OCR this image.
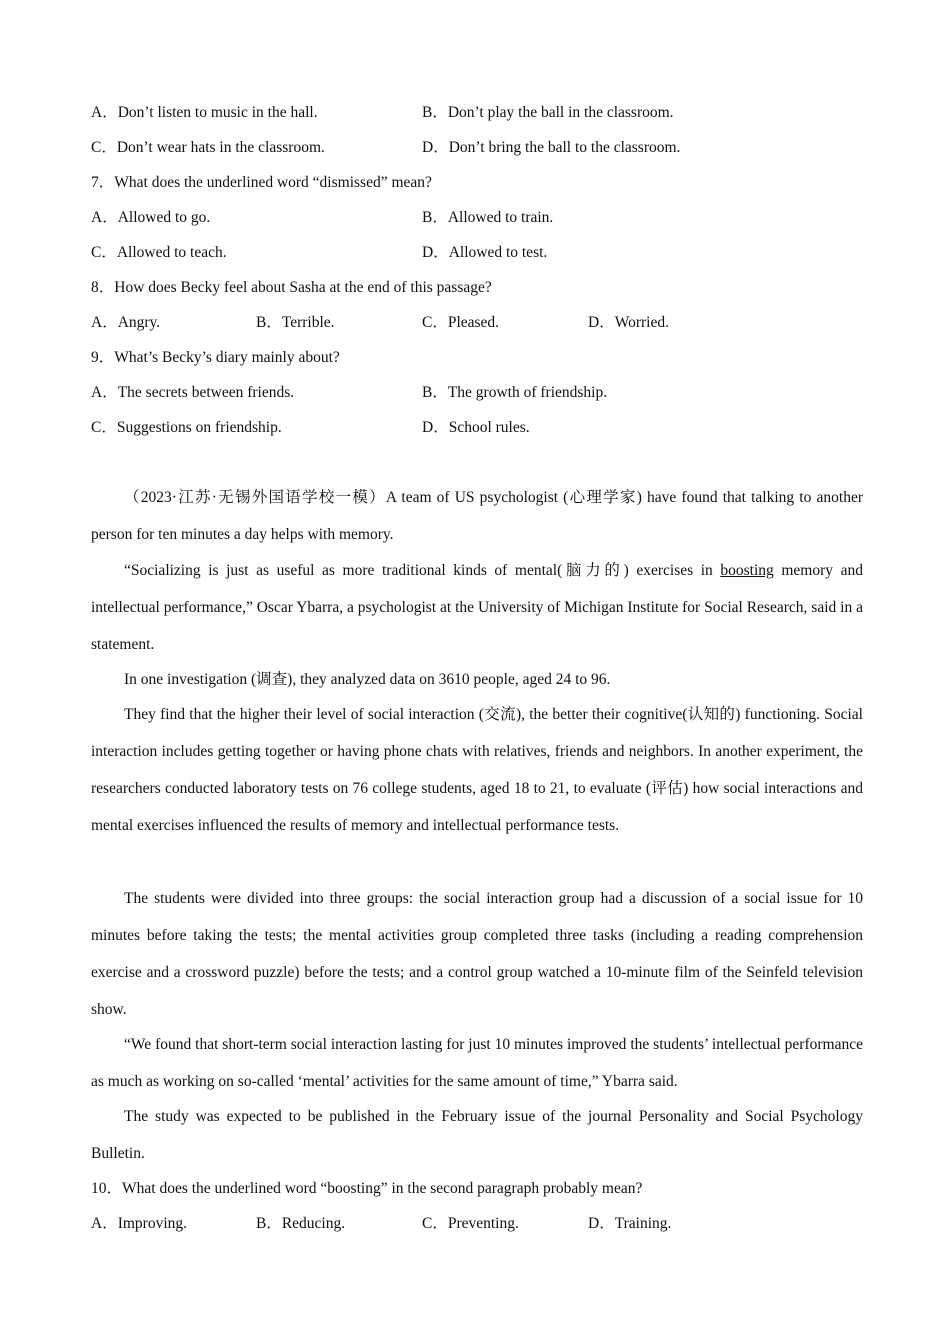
A．Don’t listen to music in the hall.	B．Don’t play the ball in the classroom.
C．Don’t wear hats in the classroom.	D．Don’t bring the ball to the classroom.
7．What does the underlined word “dismissed” mean?
A．Allowed to go.	B．Allowed to train.
C．Allowed to teach.	D．Allowed to test.
8．How does Becky feel about Sasha at the end of this passage?
A．Angry.	B．Terrible.	C．Pleased.	D．Worried.
9．What’s Becky’s diary mainly about?
A．The secrets between friends.	B．The growth of friendship.
C．Suggestions on friendship.	D．School rules.
（2023·江苏·无锡外国语学校一模）A team of US psychologist (心理学家) have found that talking to another person for ten minutes a day helps with memory.
“Socializing is just as useful as more traditional kinds of mental(脑力的) exercises in boosting memory and intellectual performance,” Oscar Ybarra, a psychologist at the University of Michigan Institute for Social Research, said in a statement.
In one investigation (调查), they analyzed data on 3610 people, aged 24 to 96.
They find that the higher their level of social interaction (交流), the better their cognitive(认知的) functioning. Social interaction includes getting together or having phone chats with relatives, friends and neighbors. In another experiment, the researchers conducted laboratory tests on 76 college students, aged 18 to 21, to evaluate (评估) how social interactions and mental exercises influenced the results of memory and intellectual performance tests.
The students were divided into three groups: the social interaction group had a discussion of a social issue for 10 minutes before taking the tests; the mental activities group completed three tasks (including a reading comprehension exercise and a crossword puzzle) before the tests; and a control group watched a 10-minute film of the Seinfeld television show.
“We found that short-term social interaction lasting for just 10 minutes improved the students’ intellectual performance as much as working on so-called ‘mental’ activities for the same amount of time,” Ybarra said.
The study was expected to be published in the February issue of the journal Personality and Social Psychology Bulletin.
10．What does the underlined word “boosting” in the second paragraph probably mean?
A．Improving.	B．Reducing.	C．Preventing.	D．Training.
